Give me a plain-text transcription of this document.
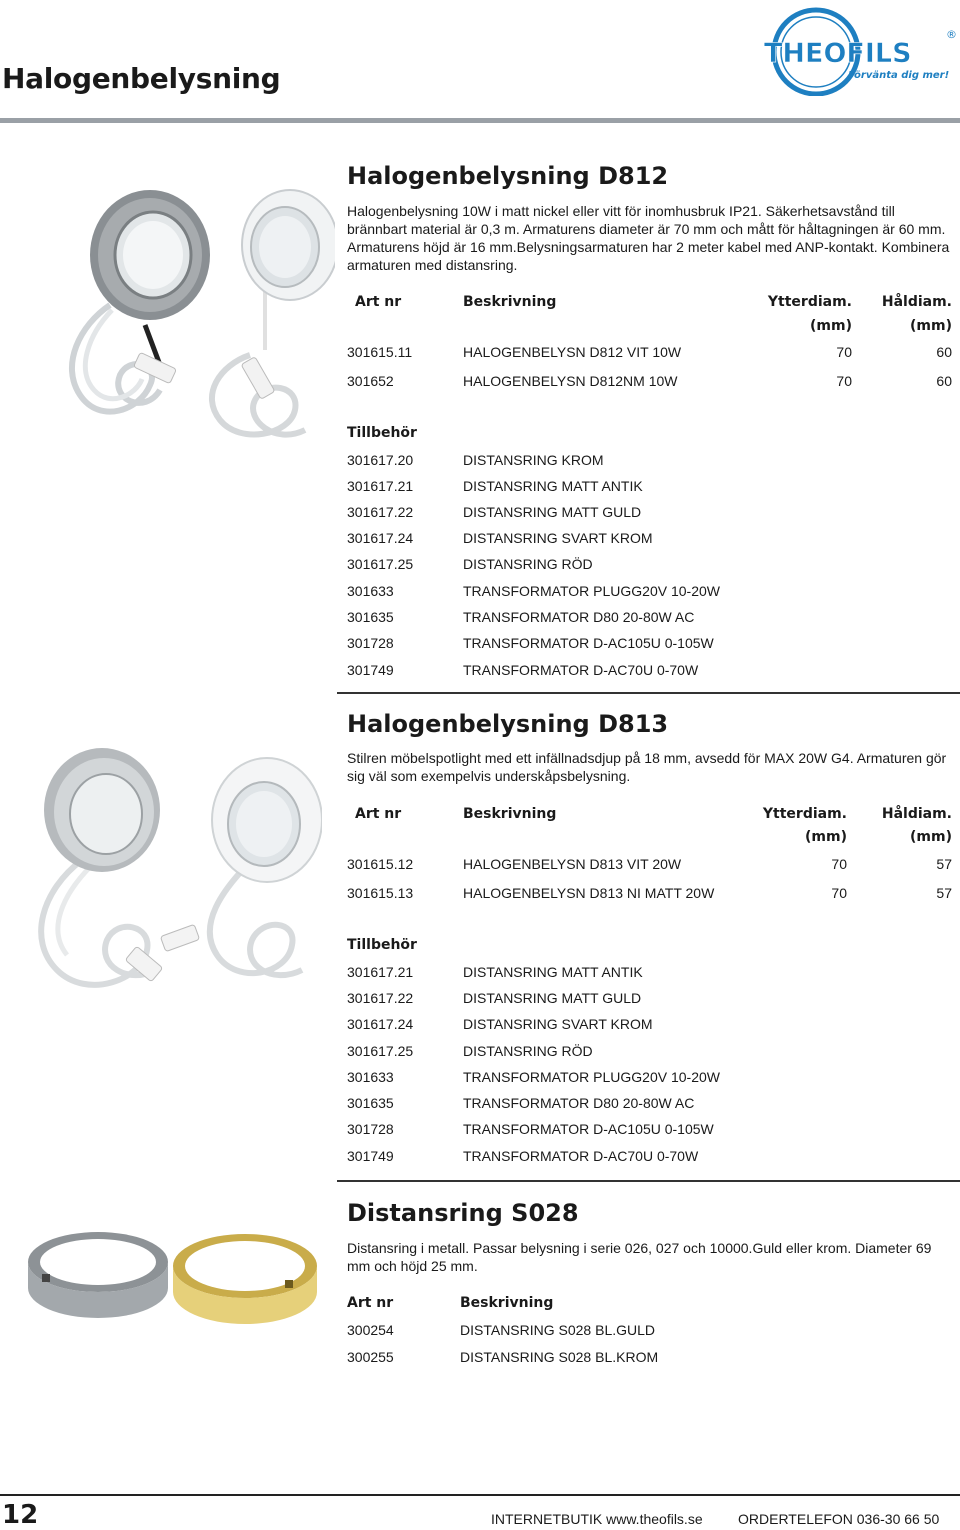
Halogenbelysning
THEOFILS
Förvänta dig mer!
®
Halogenbelysning D812
Halogenbelysning 10W i matt nickel eller vitt för inomhusbruk IP21. Säkerhetsavstånd till brännbart material är 0,3 m. Armaturens diameter är 70 mm och mått för håltagningen är 60 mm. Armaturens höjd är 16 mm.Belysningsarmaturen har 2 meter kabel med ANP-kontakt. Kombinera armaturen med distansring.
Art nr	Beskrivning	Ytterdiam.	Håldiam.
(mm)	(mm)
301615.11	HALOGENBELYSN D812 VIT 10W	70	60
301652	HALOGENBELYSN D812NM 10W	70	60
Tillbehör
301617.20	DISTANSRING KROM
301617.21	DISTANSRING MATT ANTIK
301617.22	DISTANSRING MATT GULD
301617.24	DISTANSRING SVART KROM
301617.25	DISTANSRING RÖD
301633	TRANSFORMATOR PLUGG20V 10-20W
301635	TRANSFORMATOR D80 20-80W AC
301728	TRANSFORMATOR D-AC105U 0-105W
301749	TRANSFORMATOR D-AC70U 0-70W
Halogenbelysning D813
Stilren möbelspotlight med ett infällnadsdjup på 18 mm, avsedd för MAX 20W G4. Armaturen gör sig väl som exempelvis underskåpsbelysning.
Art nr	Beskrivning	Ytterdiam.	Håldiam.
(mm)	(mm)
301615.12	HALOGENBELYSN D813 VIT 20W	70	57
301615.13	HALOGENBELYSN D813 NI MATT 20W	70	57
Tillbehör
301617.21	DISTANSRING MATT ANTIK
301617.22	DISTANSRING MATT GULD
301617.24	DISTANSRING SVART KROM
301617.25	DISTANSRING RÖD
301633	TRANSFORMATOR PLUGG20V 10-20W
301635	TRANSFORMATOR D80 20-80W AC
301728	TRANSFORMATOR D-AC105U 0-105W
301749	TRANSFORMATOR D-AC70U 0-70W
Distansring S028
Distansring i metall. Passar belysning i serie 026, 027 och 10000.Guld eller krom. Diameter 69 mm och höjd 25 mm.
Art nr	Beskrivning
300254	DISTANSRING S028 BL.GULD
300255	DISTANSRING S028 BL.KROM
12	INTERNETBUTIK www.theofils.se	ORDERTELEFON 036-30 66 50
